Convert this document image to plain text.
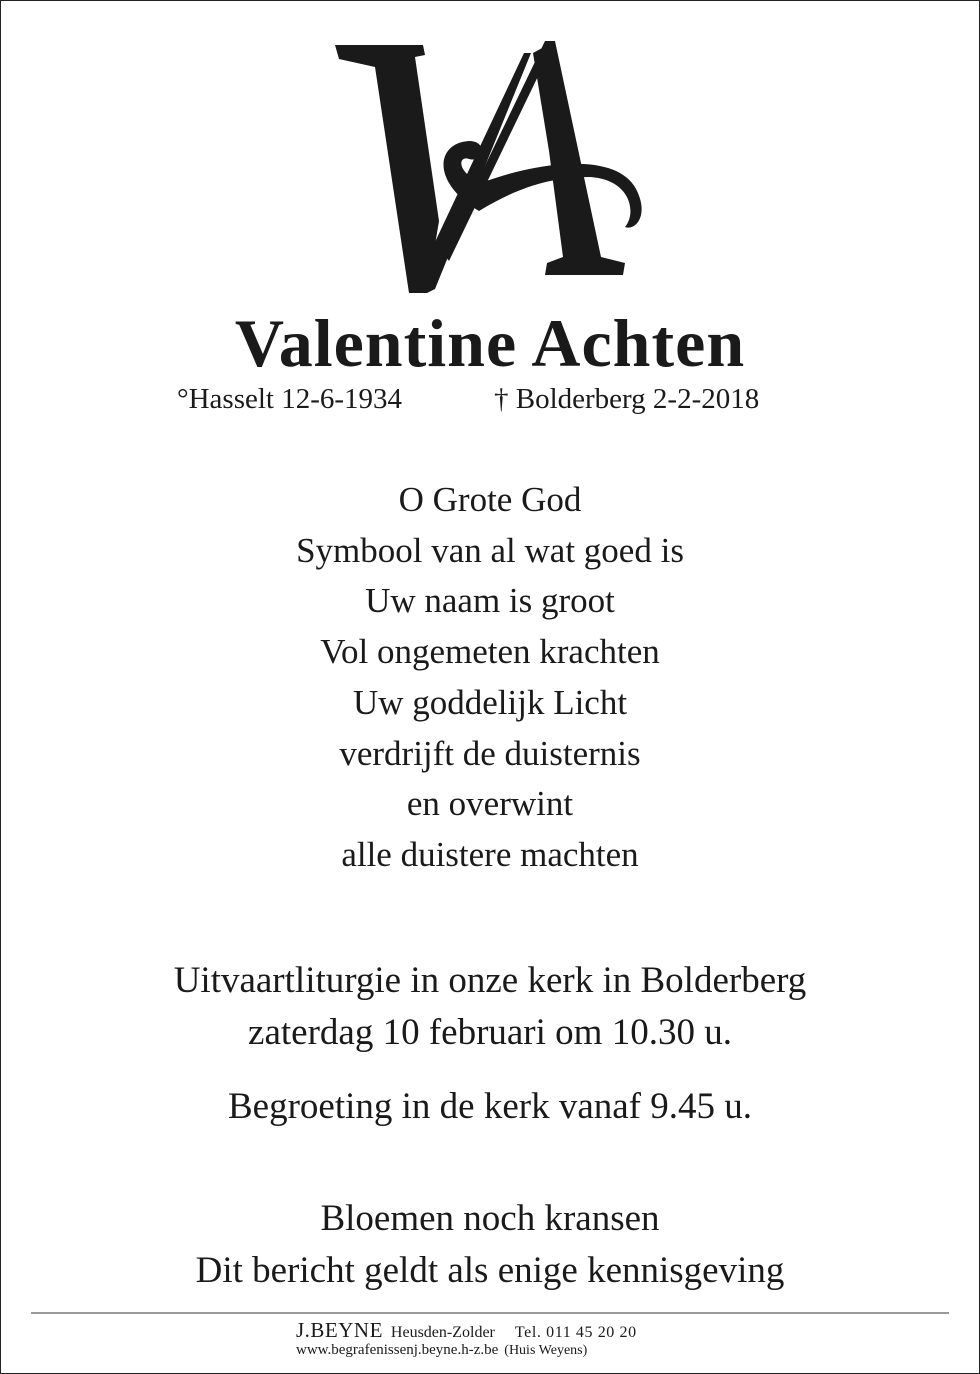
Valentine Achten
°Hasselt 12-6-1934	† Bolderberg 2-2-2018
O Grote God
Symbool van al wat goed is
Uw naam is groot
Vol ongemeten krachten
Uw goddelijk Licht
verdrijft de duisternis
en overwint
alle duistere machten
Uitvaartliturgie in onze kerk in Bolderberg
zaterdag 10 februari om 10.30 u.
Begroeting in de kerk vanaf 9.45 u.
Bloemen noch kransen
Dit bericht geldt als enige kennisgeving
J.BEYNE Heusden-Zolder Tel. 011 45 20 20
www.begrafenissenj.beyne.h-z.be (Huis Weyens)
